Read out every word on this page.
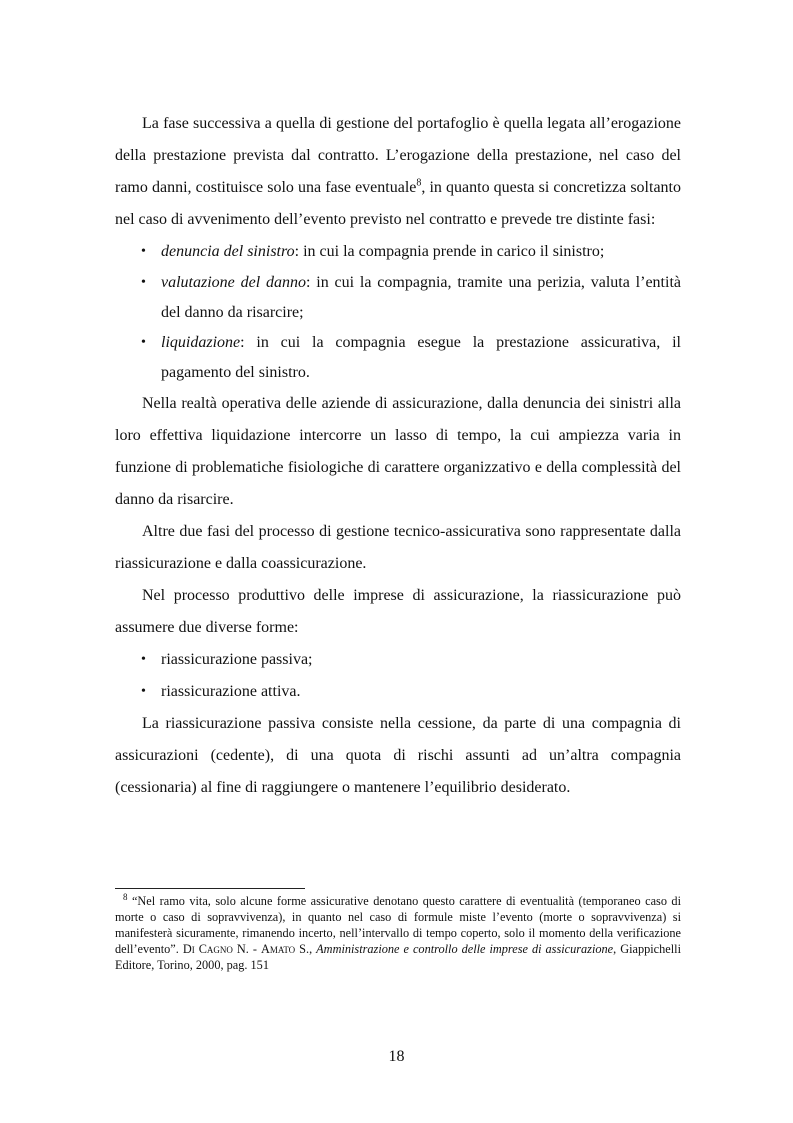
La fase successiva a quella di gestione del portafoglio è quella legata all’erogazione della prestazione prevista dal contratto. L’erogazione della prestazione, nel caso del ramo danni, costituisce solo una fase eventuale$^8$, in quanto questa si concretizza soltanto nel caso di avvenimento dell’evento previsto nel contratto e prevede tre distinte fasi:

• denuncia del sinistro: in cui la compagnia prende in carico il sinistro;
• valutazione del danno: in cui la compagnia, tramite una perizia, valuta l’entità del danno da risarcire;
• liquidazione: in cui la compagnia esegue la prestazione assicurativa, il pagamento del sinistro.

Nella realtà operativa delle aziende di assicurazione, dalla denuncia dei sinistri alla loro effettiva liquidazione intercorre un lasso di tempo, la cui ampiezza varia in funzione di problematiche fisiologiche di carattere organizzativo e della complessità del danno da risarcire.

Altre due fasi del processo di gestione tecnico-assicurativa sono rappresentate dalla riassicurazione e dalla coassicurazione.

Nel processo produttivo delle imprese di assicurazione, la riassicurazione può assumere due diverse forme:

• riassicurazione passiva;
• riassicurazione attiva.

La riassicurazione passiva consiste nella cessione, da parte di una compagnia di assicurazioni (cedente), di una quota di rischi assunti ad un’altra compagnia (cessionaria) al fine di raggiungere o mantenere l’equilibrio desiderato.

$^8$ “Nel ramo vita, solo alcune forme assicurative denotano questo carattere di eventualità (temporaneo caso di morte o caso di sopravvivenza), in quanto nel caso di formule miste l’evento (morte o sopravvivenza) si manifesterà sicuramente, rimanendo incerto, nell’intervallo di tempo coperto, solo il momento della verificazione dell’evento”. Di Cagno N. - Amato S., Amministrazione e controllo delle imprese di assicurazione, Giappichelli Editore, Torino, 2000, pag. 151

18
